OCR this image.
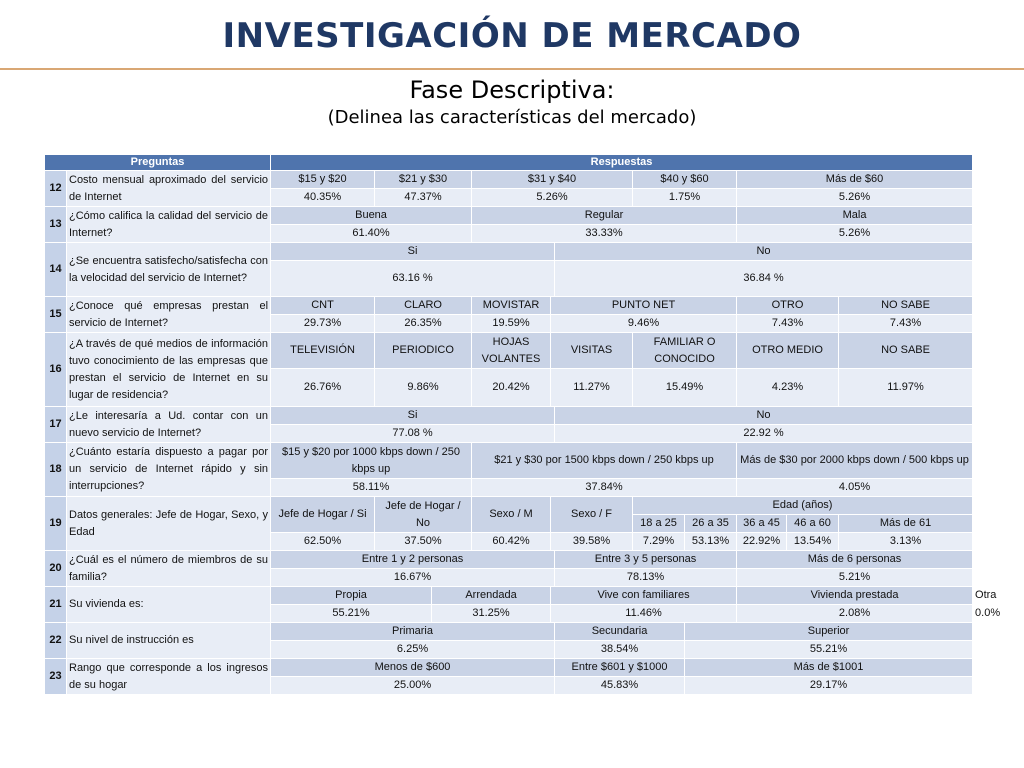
INVESTIGACIÓN DE MERCADO
Fase Descriptiva:
(Delinea las características del mercado)
Preguntas		Respuestas											
12	Costo mensual aproximado del servicio de Internet	$15 y $20	$21 y $30		$31 y $40			$40 y $60		Más de $60			
		40.35%	47.37%		5.26%			1.75%		5.26%			
13	¿Cómo califica la calidad del servicio de Internet?	Buena			Regular					Mala			
		61.40%			33.33%					5.26%			
14	¿Se encuentra satisfecho/satisfecha con la velocidad del servicio de Internet?	Si					No						
		63.16 %					36.84 %						
15	¿Conoce qué empresas prestan el servicio de Internet?	CNT	CLARO		MOVISTAR	PUNTO NET				OTRO		NO SABE	
		29.73%	26.35%		19.59%	9.46%				7.43%		7.43%	
16	¿A través de qué medios de información tuvo conocimiento de las empresas que prestan el servicio de Internet en su lugar de residencia?	TELEVISIÓN	PERIODICO		HOJAS VOLANTES	VISITAS		FAMILIAR O CONOCIDO		OTRO MEDIO		NO SABE	
		26.76%	9.86%		20.42%	11.27%		15.49%		4.23%		11.97%	
17	¿Le interesaría a Ud. contar con un nuevo servicio de Internet?	Si					No						
		77.08 %					22.92 %						
18	¿Cuánto estaría dispuesto a pagar por un servicio de Internet rápido y sin interrupciones?	$15 y $20 por 1000 kbps down / 250 kbps up			$21 y $30 por 1500 kbps down / 250 kbps up					Más de $30 por 2000 kbps down / 500 kbps up			
		58.11%			37.84%					4.05%			
19	Datos generales: Jefe de Hogar, Sexo, y Edad	Jefe de Hogar / Si	Jefe de Hogar / No		Sexo / M	Sexo / F		Edad (años)					
								18 a 25	26 a 35	36 a 45	46 a 60	Más de 61	
		62.50%	37.50%		60.42%	39.58%		7.29%	53.13%	22.92%	13.54%	3.13%	
20	¿Cuál es el número de miembros de su familia?	Entre 1 y 2 personas					Entre 3 y 5 personas			Más de 6 personas			
		16.67%					78.13%			5.21%			
21	Su vivienda es:	Propia		Arrendada		Vive con familiares				Vivienda prestada			Otra
		55.21%		31.25%		11.46%				2.08%			0.0%
22	Su nivel de instrucción es	Primaria					Secundaria		Superior				
		6.25%					38.54%		55.21%				
23	Rango que corresponde a los ingresos de su hogar	Menos de $600					Entre $601 y $1000		Más de $1001				
		25.00%					45.83%		29.17%				
